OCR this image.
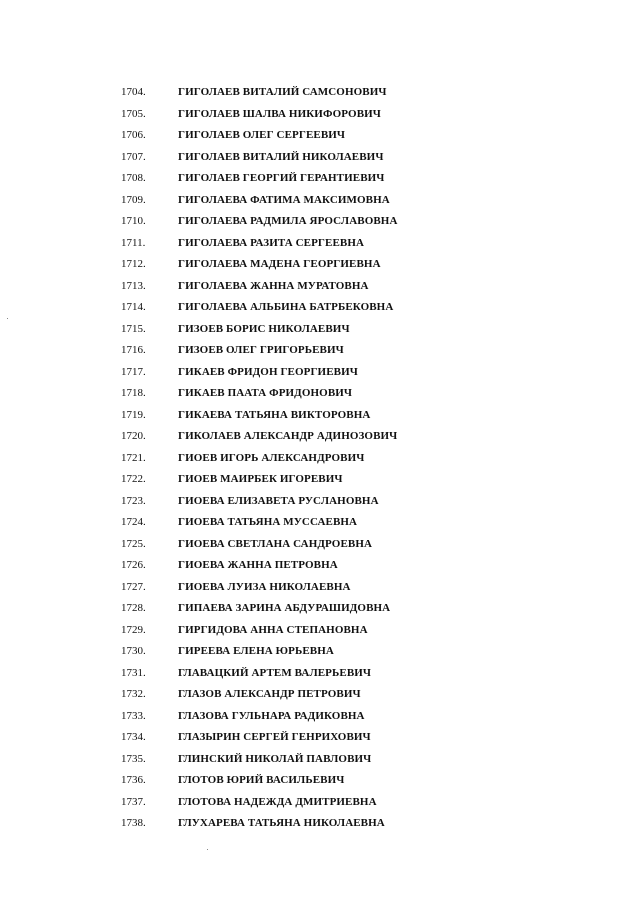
1704.	ГИГОЛАЕВ ВИТАЛИЙ САМСОНОВИЧ
1705.	ГИГОЛАЕВ ШАЛВА НИКИФОРОВИЧ
1706.	ГИГОЛАЕВ ОЛЕГ СЕРГЕЕВИЧ
1707.	ГИГОЛАЕВ ВИТАЛИЙ НИКОЛАЕВИЧ
1708.	ГИГОЛАЕВ ГЕОРГИЙ ГЕРАНТИЕВИЧ
1709.	ГИГОЛАЕВА ФАТИМА МАКСИМОВНА
1710.	ГИГОЛАЕВА РАДМИЛА ЯРОСЛАВОВНА
1711.	ГИГОЛАЕВА РАЗИТА СЕРГЕЕВНА
1712.	ГИГОЛАЕВА МАДЕНА ГЕОРГИЕВНА
1713.	ГИГОЛАЕВА ЖАННА МУРАТОВНА
1714.	ГИГОЛАЕВА АЛЬБИНА БАТРБЕКОВНА
1715.	ГИЗОЕВ БОРИС НИКОЛАЕВИЧ
1716.	ГИЗОЕВ ОЛЕГ ГРИГОРЬЕВИЧ
1717.	ГИКАЕВ ФРИДОН ГЕОРГИЕВИЧ
1718.	ГИКАЕВ ПААТА ФРИДОНОВИЧ
1719.	ГИКАЕВА ТАТЬЯНА ВИКТОРОВНА
1720.	ГИКОЛАЕВ АЛЕКСАНДР АДИНОЗОВИЧ
1721.	ГИОЕВ ИГОРЬ АЛЕКСАНДРОВИЧ
1722.	ГИОЕВ МАИРБЕК ИГОРЕВИЧ
1723.	ГИОЕВА ЕЛИЗАВЕТА РУСЛАНОВНА
1724.	ГИОЕВА ТАТЬЯНА МУССАЕВНА
1725.	ГИОЕВА СВЕТЛАНА САНДРОЕВНА
1726.	ГИОЕВА ЖАННА ПЕТРОВНА
1727.	ГИОЕВА ЛУИЗА НИКОЛАЕВНА
1728.	ГИПАЕВА ЗАРИНА АБДУРАШИДОВНА
1729.	ГИРГИДОВА АННА СТЕПАНОВНА
1730.	ГИРЕЕВА ЕЛЕНА ЮРЬЕВНА
1731.	ГЛАВАЦКИЙ АРТЕМ ВАЛЕРЬЕВИЧ
1732.	ГЛАЗОВ АЛЕКСАНДР ПЕТРОВИЧ
1733.	ГЛАЗОВА ГУЛЬНАРА РАДИКОВНА
1734.	ГЛАЗЫРИН СЕРГЕЙ ГЕНРИХОВИЧ
1735.	ГЛИНСКИЙ НИКОЛАЙ ПАВЛОВИЧ
1736.	ГЛОТОВ ЮРИЙ ВАСИЛЬЕВИЧ
1737.	ГЛОТОВА НАДЕЖДА ДМИТРИЕВНА
1738.	ГЛУХАРЕВА ТАТЬЯНА НИКОЛАЕВНА
